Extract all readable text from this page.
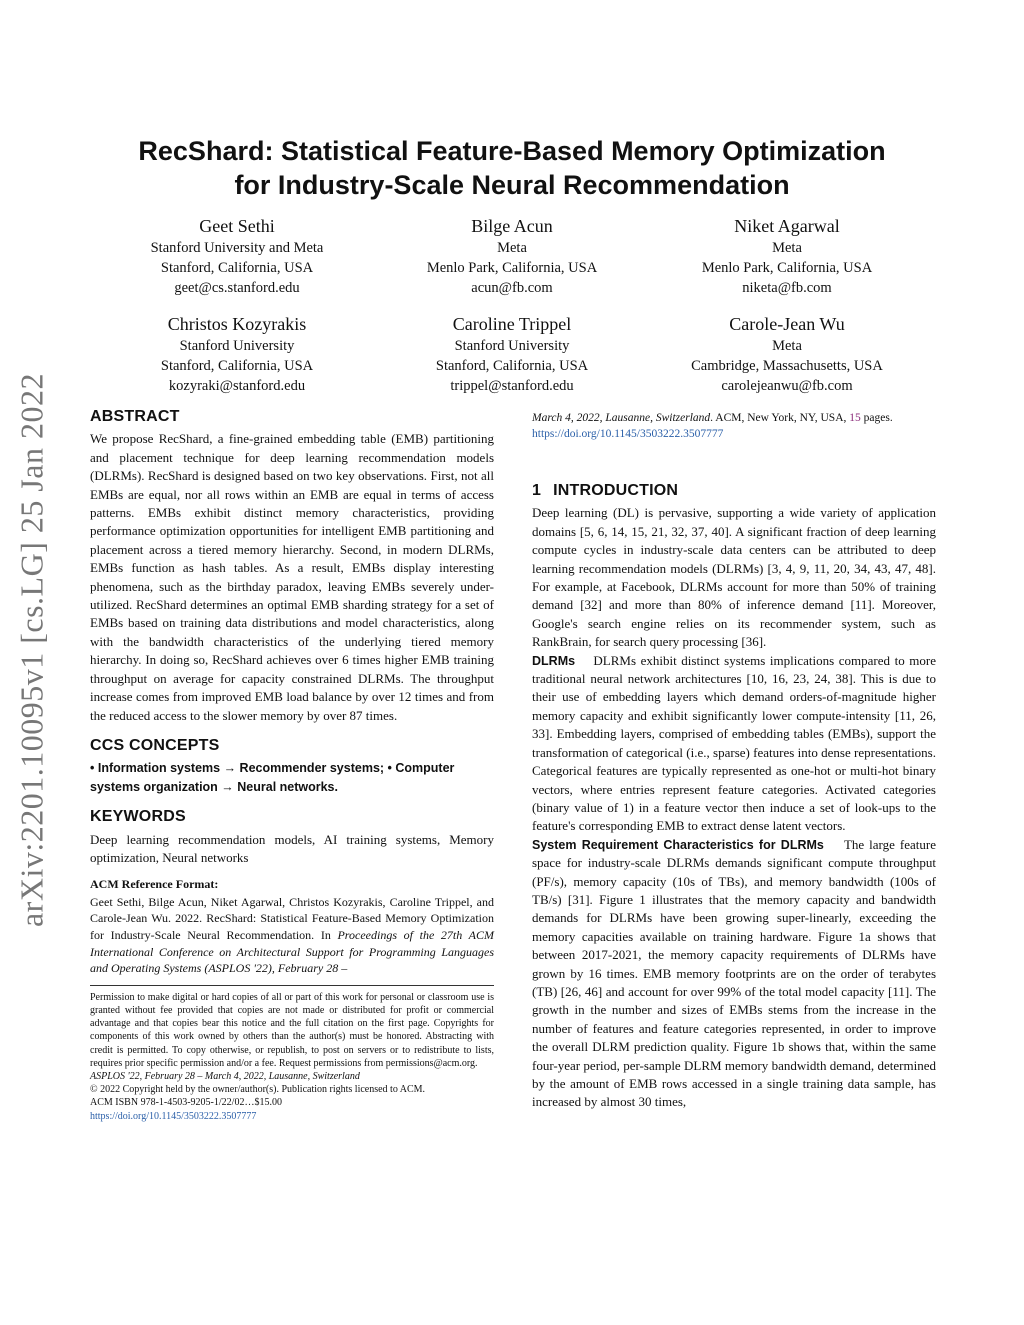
arXiv:2201.10095v1 [cs.LG] 25 Jan 2022
RecShard: Statistical Feature-Based Memory Optimization
for Industry-Scale Neural Recommendation
Geet Sethi
Stanford University and Meta
Stanford, California, USA
geet@cs.stanford.edu
Bilge Acun
Meta
Menlo Park, California, USA
acun@fb.com
Niket Agarwal
Meta
Menlo Park, California, USA
niketa@fb.com
Christos Kozyrakis
Stanford University
Stanford, California, USA
kozyraki@stanford.edu
Caroline Trippel
Stanford University
Stanford, California, USA
trippel@stanford.edu
Carole-Jean Wu
Meta
Cambridge, Massachusetts, USA
carolejeanwu@fb.com
ABSTRACT

We propose RecShard, a fine-grained embedding table (EMB) partitioning and placement technique for deep learning recommendation models (DLRMs). RecShard is designed based on two key observations. First, not all EMBs are equal, nor all rows within an EMB are equal in terms of access patterns. EMBs exhibit distinct memory characteristics, providing performance optimization opportunities for intelligent EMB partitioning and placement across a tiered memory hierarchy. Second, in modern DLRMs, EMBs function as hash tables. As a result, EMBs display interesting phenomena, such as the birthday paradox, leaving EMBs severely under-utilized. RecShard determines an optimal EMB sharding strategy for a set of EMBs based on training data distributions and model characteristics, along with the bandwidth characteristics of the underlying tiered memory hierarchy. In doing so, RecShard achieves over 6 times higher EMB training throughput on average for capacity constrained DLRMs. The throughput increase comes from improved EMB load balance by over 12 times and from the reduced access to the slower memory by over 87 times.

CCS CONCEPTS

• Information systems → Recommender systems; • Computer systems organization → Neural networks.

KEYWORDS

Deep learning recommendation models, AI training systems, Memory optimization, Neural networks

ACM Reference Format:

Geet Sethi, Bilge Acun, Niket Agarwal, Christos Kozyrakis, Caroline Trippel, and Carole-Jean Wu. 2022. RecShard: Statistical Feature-Based Memory Optimization for Industry-Scale Neural Recommendation. In Proceedings of the 27th ACM International Conference on Architectural Support for Programming Languages and Operating Systems (ASPLOS '22), February 28 –

Permission to make digital or hard copies of all or part of this work for personal or classroom use is granted without fee provided that copies are not made or distributed for profit or commercial advantage and that copies bear this notice and the full citation on the first page. Copyrights for components of this work owned by others than the author(s) must be honored. Abstracting with credit is permitted. To copy otherwise, or republish, to post on servers or to redistribute to lists, requires prior specific permission and/or a fee. Request permissions from permissions@acm.org.

ASPLOS '22, February 28 – March 4, 2022, Lausanne, Switzerland

© 2022 Copyright held by the owner/author(s). Publication rights licensed to ACM.

ACM ISBN 978-1-4503-9205-1/22/02…$15.00

https://doi.org/10.1145/3503222.3507777

March 4, 2022, Lausanne, Switzerland. ACM, New York, NY, USA, 15 pages.

https://doi.org/10.1145/3503222.3507777

1 INTRODUCTION

Deep learning (DL) is pervasive, supporting a wide variety of application domains [5, 6, 14, 15, 21, 32, 37, 40]. A significant fraction of deep learning compute cycles in industry-scale data centers can be attributed to deep learning recommendation models (DLRMs) [3, 4, 9, 11, 20, 34, 43, 47, 48]. For example, at Facebook, DLRMs account for more than 50% of training demand [32] and more than 80% of inference demand [11]. Moreover, Google's search engine relies on its recommender system, such as RankBrain, for search query processing [36].

DLRMs DLRMs exhibit distinct systems implications compared to more traditional neural network architectures [10, 16, 23, 24, 38]. This is due to their use of embedding layers which demand orders-of-magnitude higher memory capacity and exhibit significantly lower compute-intensity [11, 26, 33]. Embedding layers, comprised of embedding tables (EMBs), support the transformation of categorical (i.e., sparse) features into dense representations. Categorical features are typically represented as one-hot or multi-hot binary vectors, where entries represent feature categories. Activated categories (binary value of 1) in a feature vector then induce a set of look-ups to the feature's corresponding EMB to extract dense latent vectors.

System Requirement Characteristics for DLRMs The large feature space for industry-scale DLRMs demands significant compute throughput (PF/s), memory capacity (10s of TBs), and memory bandwidth (100s of TB/s) [31]. Figure 1 illustrates that the memory capacity and bandwidth demands for DLRMs have been growing super-linearly, exceeding the memory capacities available on training hardware. Figure 1a shows that between 2017-2021, the memory capacity requirements of DLRMs have grown by 16 times. EMB memory footprints are on the order of terabytes (TB) [26, 46] and account for over 99% of the total model capacity [11]. The growth in the number and sizes of EMBs stems from the increase in the number of features and feature categories represented, in order to improve the overall DLRM prediction quality. Figure 1b shows that, within the same four-year period, per-sample DLRM memory bandwidth demand, determined by the amount of EMB rows accessed in a single training data sample, has increased by almost 30 times,
